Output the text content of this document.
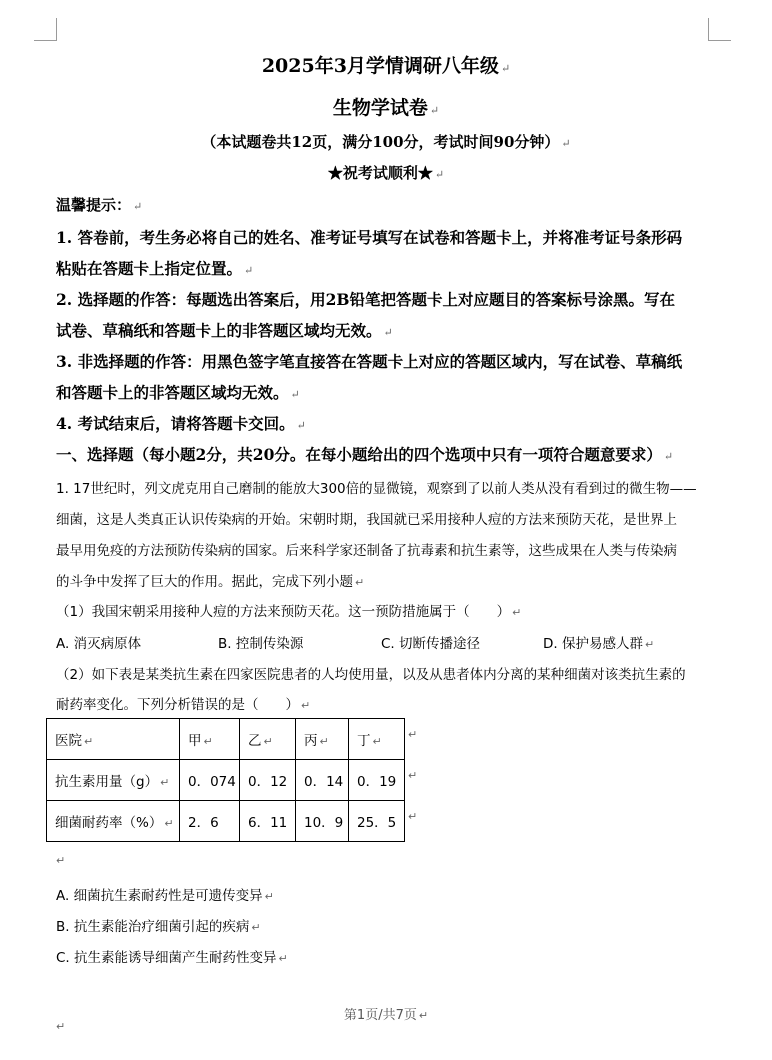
2025年3月学情调研八年级 ↵
生物学试卷 ↵
（本试题卷共12页，满分100分，考试时间90分钟） ↵
★祝考试顺利★ ↵
温馨提示： ↵
1. 答卷前，考生务必将自己的姓名、准考证号填写在试卷和答题卡上，并将准考证号条形码
粘贴在答题卡上指定位置。 ↵
2. 选择题的作答：每题选出答案后，用2B铅笔把答题卡上对应题目的答案标号涂黑。写在
试卷、草稿纸和答题卡上的非答题区域均无效。 ↵
3. 非选择题的作答：用黑色签字笔直接答在答题卡上对应的答题区域内，写在试卷、草稿纸
和答题卡上的非答题区域均无效。 ↵
4. 考试结束后，请将答题卡交回。 ↵
一、选择题（每小题2分，共20分。在每小题给出的四个选项中只有一项符合题意要求） ↵
1. 17世纪时，列文虎克用自己磨制的能放大300倍的显微镜，观察到了以前人类从没有看到过的微生物——
细菌，这是人类真正认识传染病的开始。宋朝时期，我国就已采用接种人痘的方法来预防天花，是世界上
最早用免疫的方法预防传染病的国家。后来科学家还制备了抗毒素和抗生素等，这些成果在人类与传染病
的斗争中发挥了巨大的作用。据此，完成下列小题 ↵
（1）我国宋朝采用接种人痘的方法来预防天花。这一预防措施属于（　　） ↵
A. 消灭病原体	B. 控制传染源	C. 切断传播途径	D. 保护易感人群 ↵
（2）如下表是某类抗生素在四家医院患者的人均使用量，以及从患者体内分离的某种细菌对该类抗生素的
耐药率变化。下列分析错误的是（　　） ↵
医院 ↵	甲 ↵	乙 ↵	丙 ↵	丁 ↵
抗生素用量（g） ↵	0．074	0．12	0．14	0．19
细菌耐药率（%） ↵	2．6	6．11	10．9	25．5
↵
↵
↵
↵
A. 细菌抗生素耐药性是可遗传变异 ↵
B. 抗生素能治疗细菌引起的疾病 ↵
C. 抗生素能诱导细菌产生耐药性变异 ↵
第1页/共7页 ↵
↵
